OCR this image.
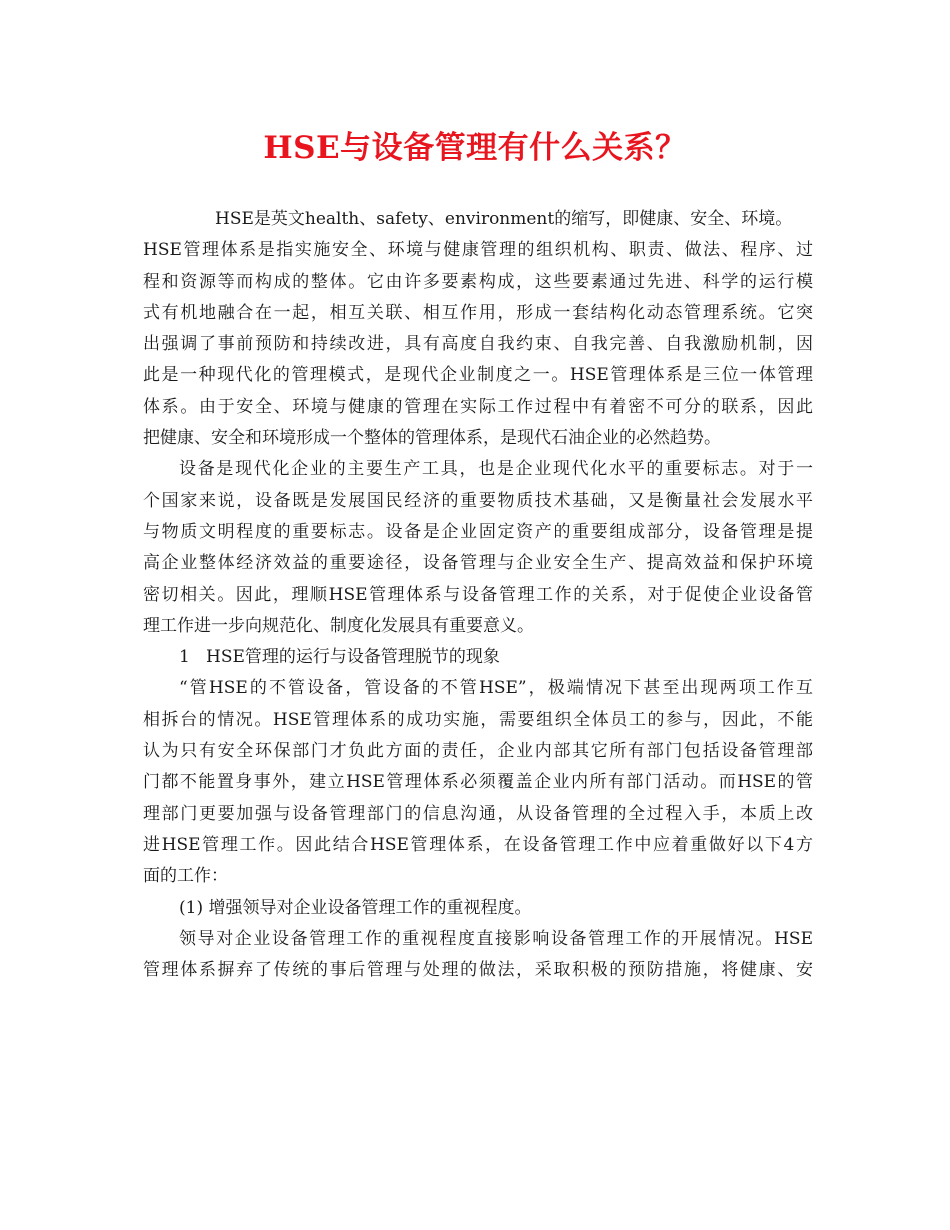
HSE与设备管理有什么关系？
HSE是英文health、safety、environment的缩写，即健康、安全、环境。
HSE管理体系是指实施安全、环境与健康管理的组织机构、职责、做法、程序、过
程和资源等而构成的整体。它由许多要素构成，这些要素通过先进、科学的运行模
式有机地融合在一起，相互关联、相互作用，形成一套结构化动态管理系统。它突
出强调了事前预防和持续改进，具有高度自我约束、自我完善、自我激励机制，因
此是一种现代化的管理模式，是现代企业制度之一。HSE管理体系是三位一体管理
体系。由于安全、环境与健康的管理在实际工作过程中有着密不可分的联系，因此
把健康、安全和环境形成一个整体的管理体系，是现代石油企业的必然趋势。
设备是现代化企业的主要生产工具，也是企业现代化水平的重要标志。对于一
个国家来说，设备既是发展国民经济的重要物质技术基础，又是衡量社会发展水平
与物质文明程度的重要标志。设备是企业固定资产的重要组成部分，设备管理是提
高企业整体经济效益的重要途径，设备管理与企业安全生产、提高效益和保护环境
密切相关。因此，理顺HSE管理体系与设备管理工作的关系，对于促使企业设备管
理工作进一步向规范化、制度化发展具有重要意义。
1   HSE管理的运行与设备管理脱节的现象
“管HSE的不管设备，管设备的不管HSE”，极端情况下甚至出现两项工作互
相拆台的情况。HSE管理体系的成功实施，需要组织全体员工的参与，因此，不能
认为只有安全环保部门才负此方面的责任，企业内部其它所有部门包括设备管理部
门都不能置身事外，建立HSE管理体系必须覆盖企业内所有部门活动。而HSE的管
理部门更要加强与设备管理部门的信息沟通，从设备管理的全过程入手，本质上改
进HSE管理工作。因此结合HSE管理体系，在设备管理工作中应着重做好以下4方
面的工作：
(1) 增强领导对企业设备管理工作的重视程度。
领导对企业设备管理工作的重视程度直接影响设备管理工作的开展情况。HSE
管理体系摒弃了传统的事后管理与处理的做法，采取积极的预防措施，将健康、安
